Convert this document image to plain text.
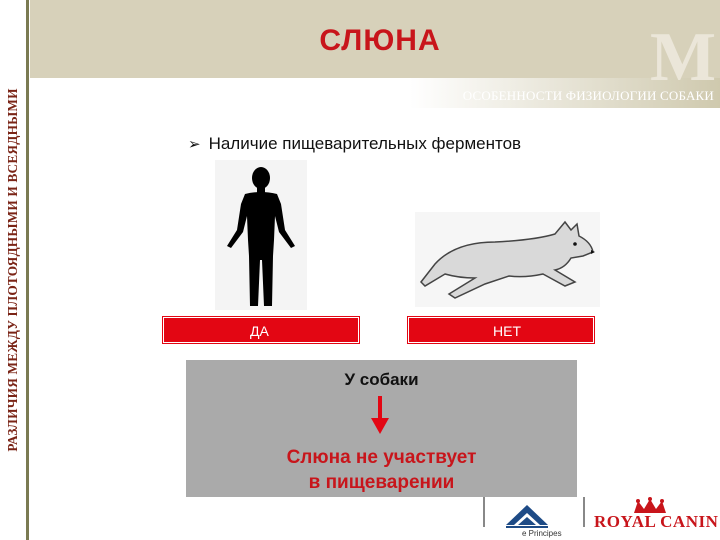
РАЗЛИЧИЯ МЕЖДУ ПЛОТОЯДНЫМИ И ВСЕЯДНЫМИ
M
СЛЮНА
ОСОБЕННОСТИ ФИЗИОЛОГИИ СОБАКИ
➢ Наличие пищеварительных ферментов
ДА	НЕТ
У собаки
Слюна не участвует
в пищеварении
e Principes
ROYAL CANIN
